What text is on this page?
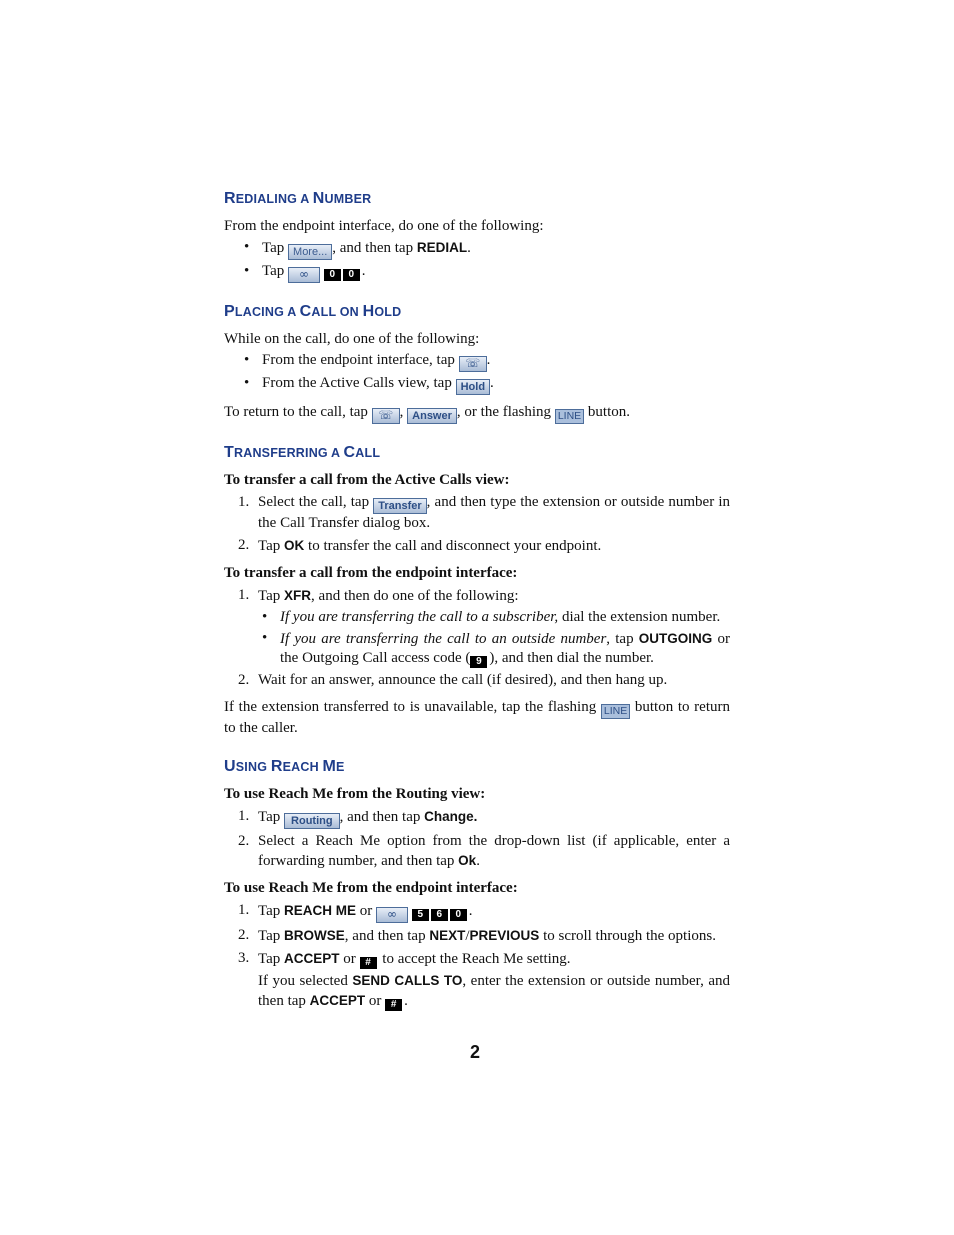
REDIALING A NUMBER

From the endpoint interface, do one of the following:

• Tap More... , and then tap REDIAL.
• Tap ∞ 0 0 .
PLACING A CALL ON HOLD

While on the call, do one of the following:

• From the endpoint interface, tap ☏ .
• From the Active Calls view, tap Hold .

To return to the call, tap ☏ , Answer , or the flashing LINE button.

TRANSFERRING A CALL

To transfer a call from the Active Calls view:

1. Select the call, tap Transfer , and then type the extension or outside number in the Call Transfer dialog box.
2. Tap OK to transfer the call and disconnect your endpoint.

To transfer a call from the endpoint interface:

1. Tap XFR, and then do one of the following:
• If you are transferring the call to a subscriber, dial the extension number.
• If you are transferring the call to an outside number, tap OUTGOING or the Outgoing Call access code ( 9 ), and then dial the number.
2. Wait for an answer, announce the call (if desired), and then hang up.

If the extension transferred to is unavailable, tap the flashing LINE button to return to the caller.

USING REACH ME

To use Reach Me from the Routing view:

1. Tap Routing , and then tap Change.
2. Select a Reach Me option from the drop-down list (if applicable, enter a forwarding number, and then tap Ok.

To use Reach Me from the endpoint interface:

1. Tap REACH ME or ∞ 5 6 0 .
2. Tap BROWSE, and then tap NEXT/PREVIOUS to scroll through the options.
3. Tap ACCEPT or # to accept the Reach Me setting.

If you selected SEND CALLS TO, enter the extension or outside number, and then tap ACCEPT or # .

2
